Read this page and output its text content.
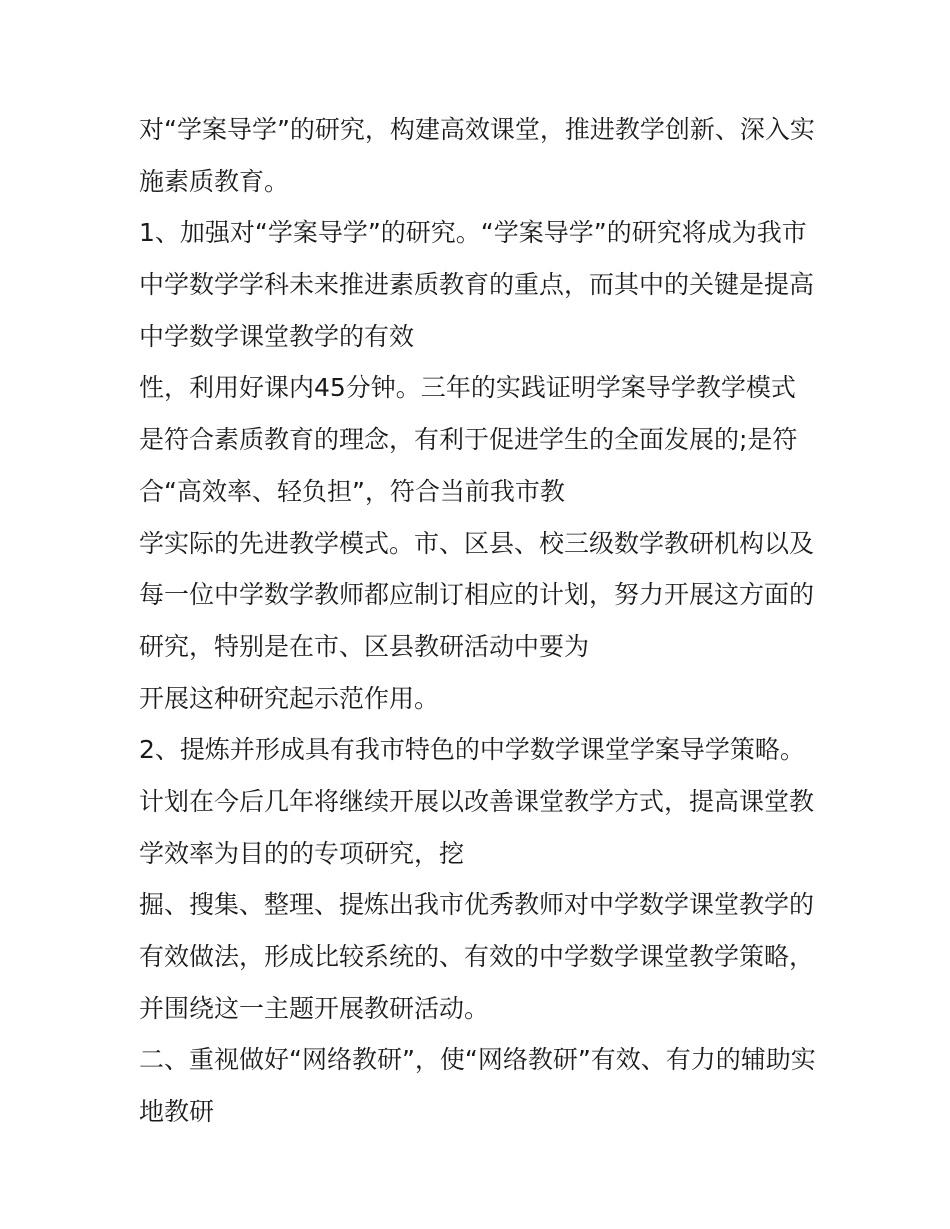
对“学案导学”的研究，构建高效课堂，推进教学创新、深入实
施素质教育。
1、加强对“学案导学”的研究。“学案导学”的研究将成为我市
中学数学学科未来推进素质教育的重点，而其中的关键是提高
中学数学课堂教学的有效
性，利用好课内45分钟。三年的实践证明学案导学教学模式
是符合素质教育的理念，有利于促进学生的全面发展的;是符
合“高效率、轻负担”，符合当前我市教
学实际的先进教学模式。市、区县、校三级数学教研机构以及
每一位中学数学教师都应制订相应的计划，努力开展这方面的
研究，特别是在市、区县教研活动中要为
开展这种研究起示范作用。
2、提炼并形成具有我市特色的中学数学课堂学案导学策略。
计划在今后几年将继续开展以改善课堂教学方式，提高课堂教
学效率为目的的专项研究，挖
掘、搜集、整理、提炼出我市优秀教师对中学数学课堂教学的
有效做法，形成比较系统的、有效的中学数学课堂教学策略，
并围绕这一主题开展教研活动。
二、重视做好“网络教研”，使“网络教研”有效、有力的辅助实
地教研
